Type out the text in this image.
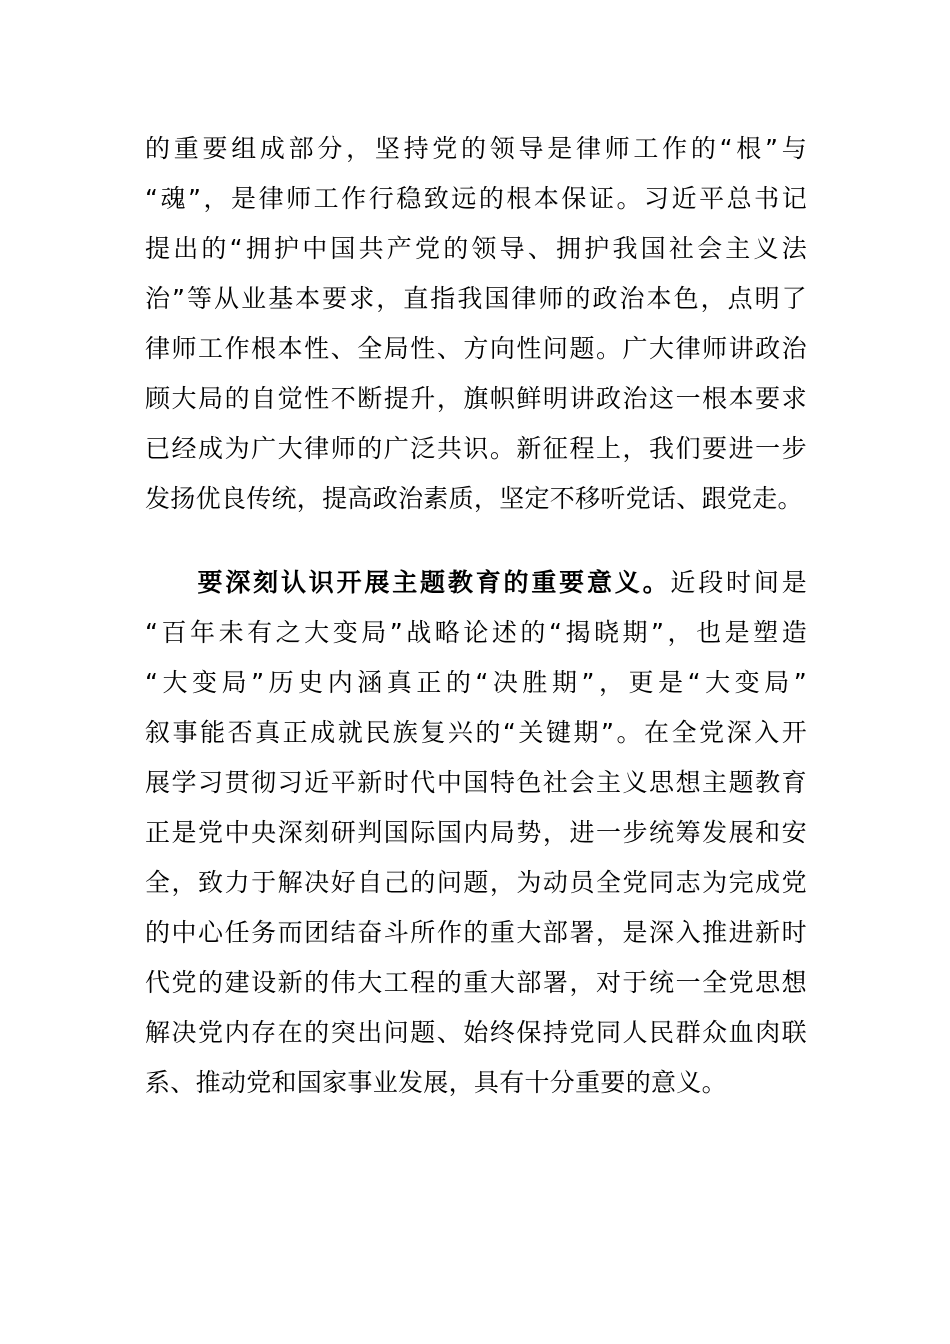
的重要组成部分，坚持党的领导是律师工作的“根”与
“魂”，是律师工作行稳致远的根本保证。习近平总书记
提出的“拥护中国共产党的领导、拥护我国社会主义法
治”等从业基本要求，直指我国律师的政治本色，点明了
律师工作根本性、全局性、方向性问题。广大律师讲政治
顾大局的自觉性不断提升，旗帜鲜明讲政治这一根本要求
已经成为广大律师的广泛共识。新征程上，我们要进一步
发扬优良传统，提高政治素质，坚定不移听党话、跟党走。
要深刻认识开展主题教育的重要意义。近段时间是
“百年未有之大变局”战略论述的“揭晓期”，也是塑造
“大变局”历史内涵真正的“决胜期”，更是“大变局”
叙事能否真正成就民族复兴的“关键期”。在全党深入开
展学习贯彻习近平新时代中国特色社会主义思想主题教育
正是党中央深刻研判国际国内局势，进一步统筹发展和安
全，致力于解决好自己的问题，为动员全党同志为完成党
的中心任务而团结奋斗所作的重大部署，是深入推进新时
代党的建设新的伟大工程的重大部署，对于统一全党思想
解决党内存在的突出问题、始终保持党同人民群众血肉联
系、推动党和国家事业发展，具有十分重要的意义。
